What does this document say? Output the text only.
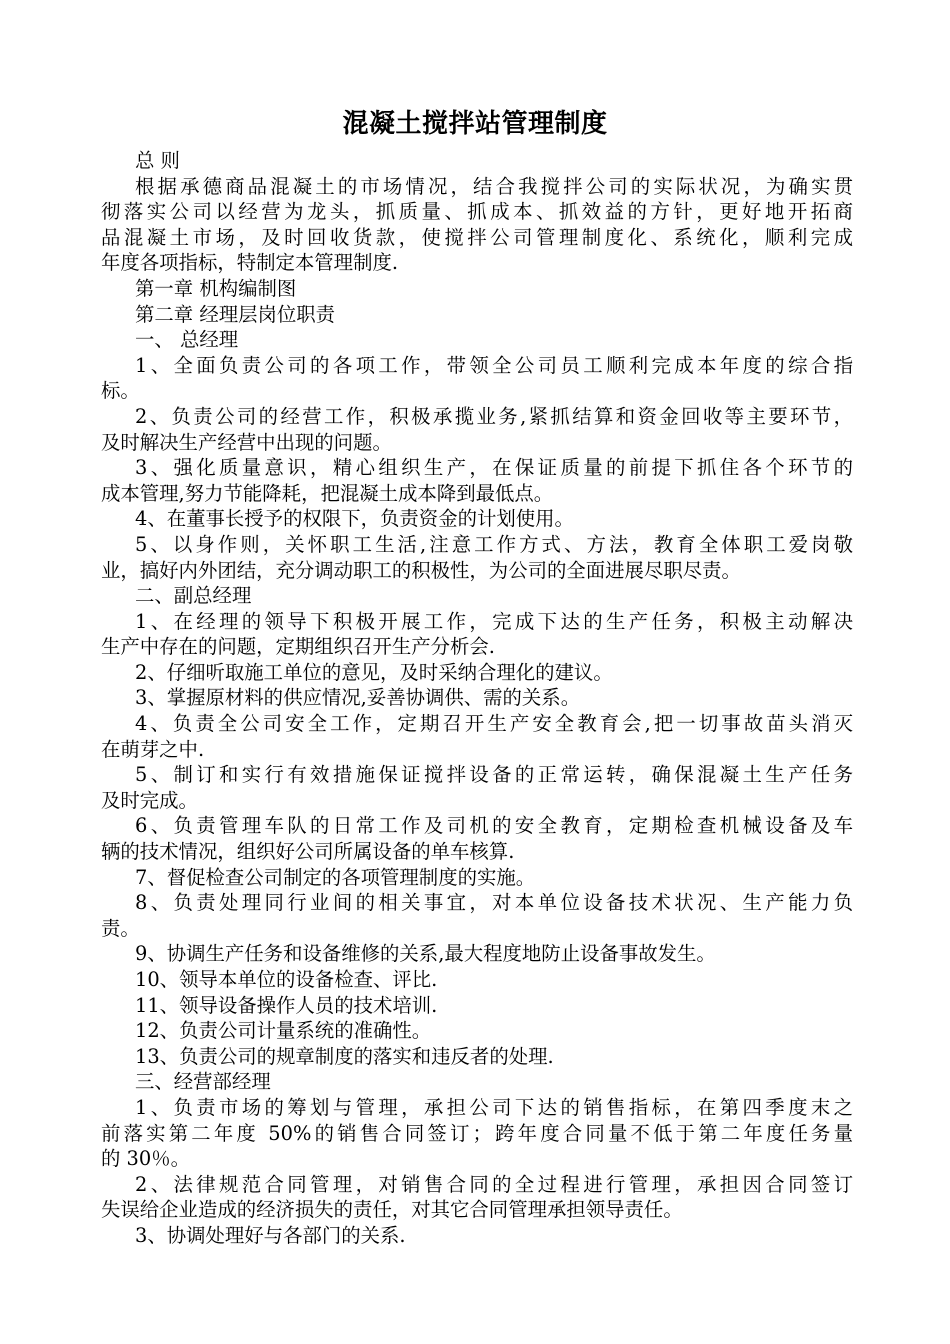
混凝土搅拌站管理制度
总 则
根据承德商品混凝土的市场情况，结合我搅拌公司的实际状况，为确实贯
彻落实公司以经营为龙头，抓质量、抓成本、抓效益的方针，更好地开拓商
品混凝土市场，及时回收货款，使搅拌公司管理制度化、系统化，顺利完成
年度各项指标，特制定本管理制度.
第一章 机构编制图
第二章 经理层岗位职责
一、 总经理
1、全面负责公司的各项工作，带领全公司员工顺利完成本年度的综合指
标。
2、负责公司的经营工作，积极承揽业务,紧抓结算和资金回收等主要环节，
及时解决生产经营中出现的问题。
3、强化质量意识，精心组织生产，在保证质量的前提下抓住各个环节的
成本管理,努力节能降耗，把混凝土成本降到最低点。
4、在董事长授予的权限下，负责资金的计划使用。
5、以身作则，关怀职工生活,注意工作方式、方法，教育全体职工爱岗敬
业，搞好内外团结，充分调动职工的积极性，为公司的全面进展尽职尽责。
二、副总经理
1、在经理的领导下积极开展工作，完成下达的生产任务，积极主动解决
生产中存在的问题，定期组织召开生产分析会.
2、仔细听取施工单位的意见，及时采纳合理化的建议。
3、掌握原材料的供应情况,妥善协调供、需的关系。
4、负责全公司安全工作，定期召开生产安全教育会,把一切事故苗头消灭
在萌芽之中.
5、制订和实行有效措施保证搅拌设备的正常运转，确保混凝土生产任务
及时完成。
6、负责管理车队的日常工作及司机的安全教育，定期检查机械设备及车
辆的技术情况，组织好公司所属设备的单车核算.
7、督促检查公司制定的各项管理制度的实施。
8、负责处理同行业间的相关事宜，对本单位设备技术状况、生产能力负
责。
9、协调生产任务和设备维修的关系,最大程度地防止设备事故发生。
10、领导本单位的设备检查、评比.
11、领导设备操作人员的技术培训.
12、负责公司计量系统的准确性。
13、负责公司的规章制度的落实和违反者的处理.
三、经营部经理
1、负责市场的筹划与管理，承担公司下达的销售指标，在第四季度末之
前落实第二年度 50%的销售合同签订；跨年度合同量不低于第二年度任务量
的 30％。
2、法律规范合同管理，对销售合同的全过程进行管理，承担因合同签订
失误给企业造成的经济损失的责任，对其它合同管理承担领导责任。
3、协调处理好与各部门的关系.
